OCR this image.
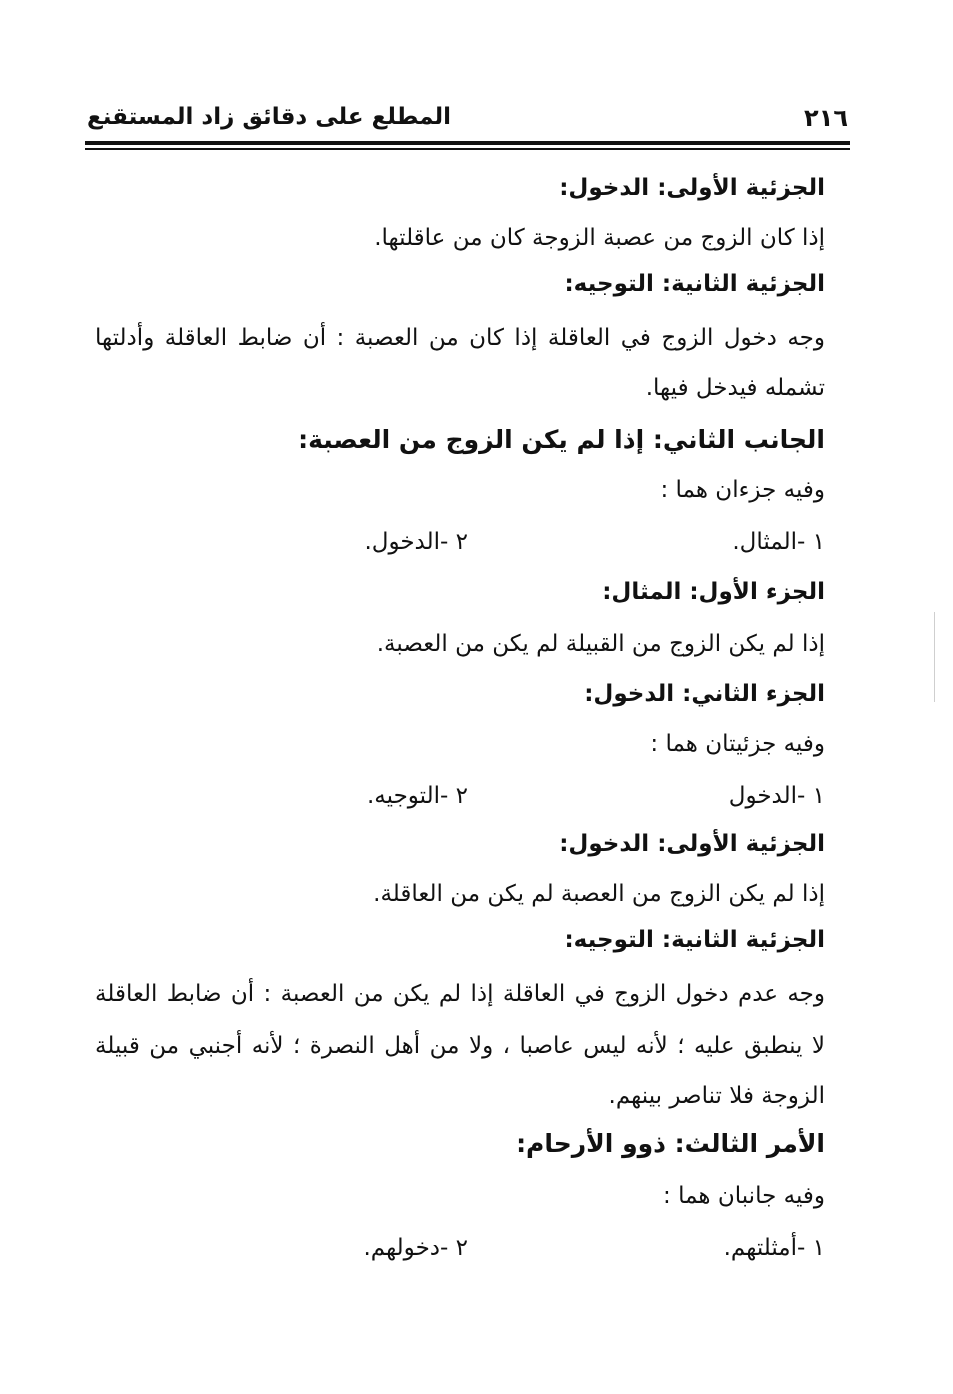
٢١٦
المطلع على دقائق زاد المستقنع
الجزئية الأولى: الدخول:
إذا كان الزوج من عصبة الزوجة كان من عاقلتها.
الجزئية الثانية: التوجيه:
وجه دخول الزوج في العاقلة إذا كان من العصبة : أن ضابط العاقلة وأدلتها
تشمله فيدخل فيها.
الجانب الثاني: إذا لم يكن الزوج من العصبة:
وفيه جزءان هما :
١ -المثال.
٢ -الدخول.
الجزء الأول: المثال:
إذا لم يكن الزوج من القبيلة لم يكن من العصبة.
الجزء الثاني: الدخول:
وفيه جزئيتان هما :
١ -الدخول
٢ -التوجيه.
الجزئية الأولى: الدخول:
إذا لم يكن الزوج من العصبة لم يكن من العاقلة.
الجزئية الثانية: التوجيه:
وجه عدم دخول الزوج في العاقلة إذا لم يكن من العصبة : أن ضابط العاقلة
لا ينطبق عليه ؛ لأنه ليس عاصبا ، ولا من أهل النصرة ؛ لأنه أجنبي من قبيلة
الزوجة فلا تناصر بينهم.
الأمر الثالث: ذوو الأرحام:
وفيه جانبان هما :
١ -أمثلتهم.
٢ -دخولهم.
